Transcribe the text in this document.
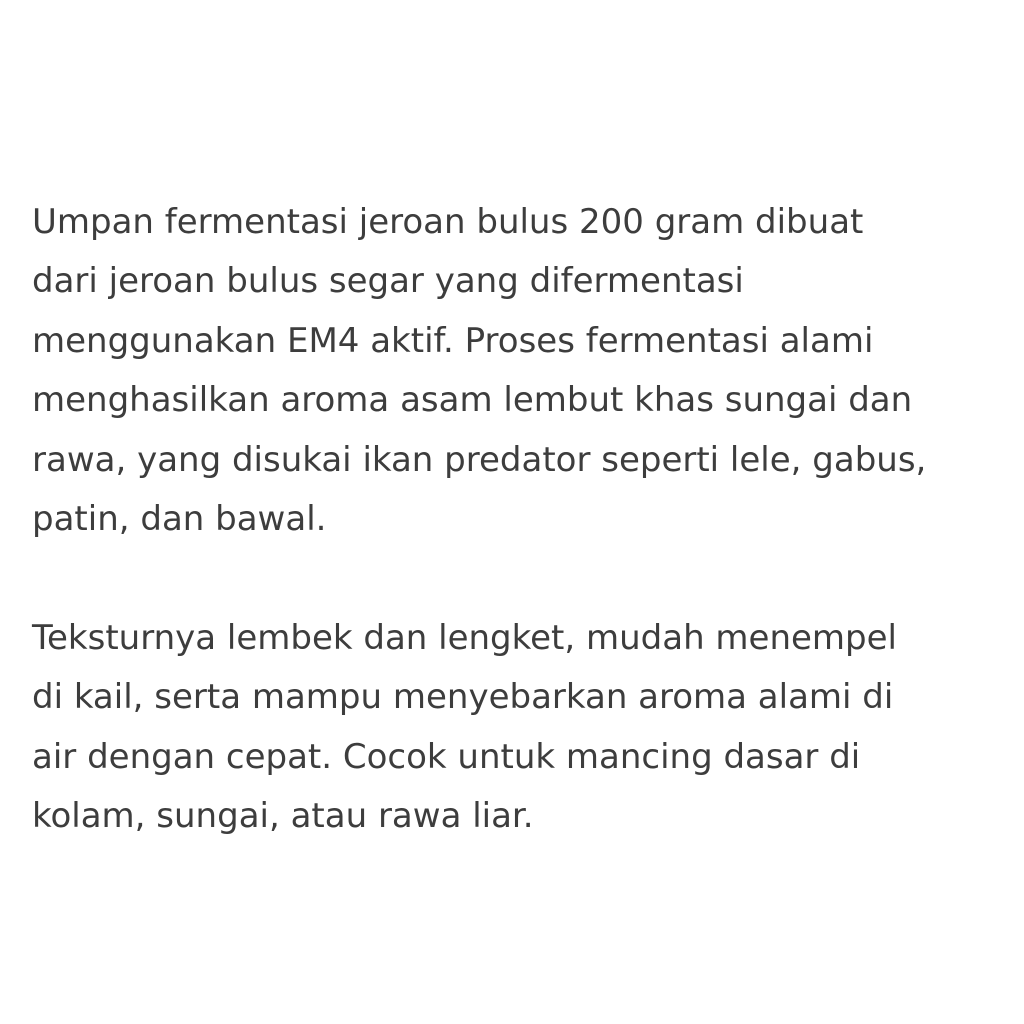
Umpan fermentasi jeroan bulus 200 gram dibuat
dari jeroan bulus segar yang difermentasi
menggunakan EM4 aktif. Proses fermentasi alami
menghasilkan aroma asam lembut khas sungai dan
rawa, yang disukai ikan predator seperti lele, gabus,
patin, dan bawal.

Teksturnya lembek dan lengket, mudah menempel
di kail, serta mampu menyebarkan aroma alami di
air dengan cepat. Cocok untuk mancing dasar di
kolam, sungai, atau rawa liar.
